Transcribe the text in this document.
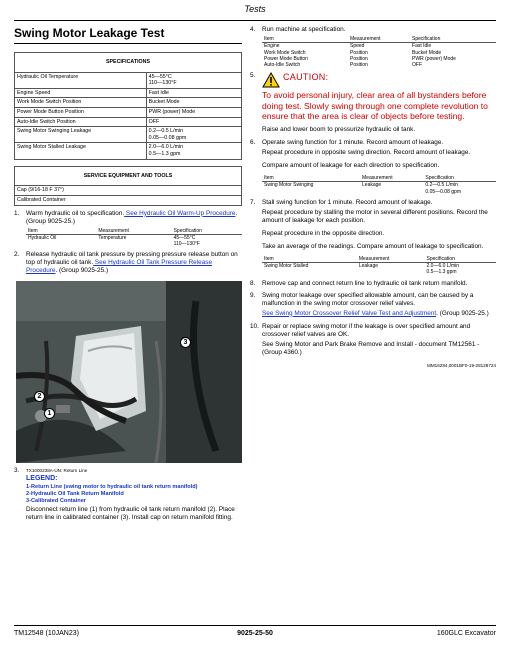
Tests
Swing Motor Leakage Test
SPECIFICATIONS	
Hydraulic Oil Temperature	45—55°C
110—130°F
Engine Speed	Fast Idle
Work Mode Switch Position	Bucket Mode
Power Mode Button Position	PWR (power) Mode
Auto-Idle Switch Position	OFF
Swing Motor Swinging Leakage	0.2—0.5 L/min
0.05—0.08 gpm
Swing Motor Stalled Leakage	2.0—6.0 L/min
0.5—1.3 gpm
SERVICE EQUIPMENT AND TOOLS
Cap (9/16-18 F 37°)
Calibrated Container
1.	Warm hydraulic oil to specification. See Hydraulic Oil Warm-Up Procedure. (Group 9025-25.)
Item	Measurement	Specification
Hydraulic Oil	Temperature	45—55°C
110—130°F
2.	Release hydraulic oil tank pressure by pressing pressure release button on top of hydraulic oil tank. See Hydraulic Oil Tank Pressure Release Procedure. (Group 9025-25.)
3
2
1
3.	TX1000238A-UN: Return Line
LEGEND:
1-Return Line (swing motor to hydraulic oil tank return manifold)
2-Hydraulic Oil Tank Return Manifold
3-Calibrated Container
Disconnect return line (1) from hydraulic oil tank return manifold (2). Place return line in calibrated container (3). Install cap on return manifold fitting.
4.	Run machine at specification.
Item	Measurement	Specification
Engine	Speed	Fast Idle
Work Mode Switch	Position	Bucket Mode
Power Mode Button	Position	PWR (power) Mode
Auto-Idle Switch	Position	OFF
5.	CAUTION:
To avoid personal injury, clear area of all bystanders before doing test. Slowly swing through one complete revolution to ensure that the area is clear of objects before testing.
Raise and lower boom to pressurize hydraulic oil tank.
6.	Operate swing function for 1 minute. Record amount of leakage.
Repeat procedure in opposite swing direction. Record amount of leakage.
Compare amount of leakage for each direction to specification.
Item	Measurement	Specification
Swing Motor Swinging	Leakage	0.2—0.5 L/min
0.05—0.08 gpm
7.	Stall swing function for 1 minute. Record amount of leakage.
Repeat procedure by stalling the motor in several different positions. Record the amount of leakage for each position.
Repeat procedure in the opposite direction.
Take an average of the readings. Compare amount of leakage to specification.
Item	Measurement	Specification
Swing Motor Stalled	Leakage	2.0—6.0 L/min
0.5—1.3 gpm
8.	Remove cap and connect return line to hydraulic oil tank return manifold.
9.	Swing motor leakage over specified allowable amount, can be caused by a malfunction in the swing motor crossover relief valves.
See Swing Motor Crossover Relief Valve Test and Adjustment. (Group 9025-25.)
10. Repair or replace swing motor if the leakage is over specified amount and crossover relief valves are OK.
See Swing Motor and Park Brake Remove and Install - document TM12561 - (Group 4360.)
MM16284,0001BF0-19-28128724
TM12548 (10JAN23)	9025-25-50	160GLC Excavator
